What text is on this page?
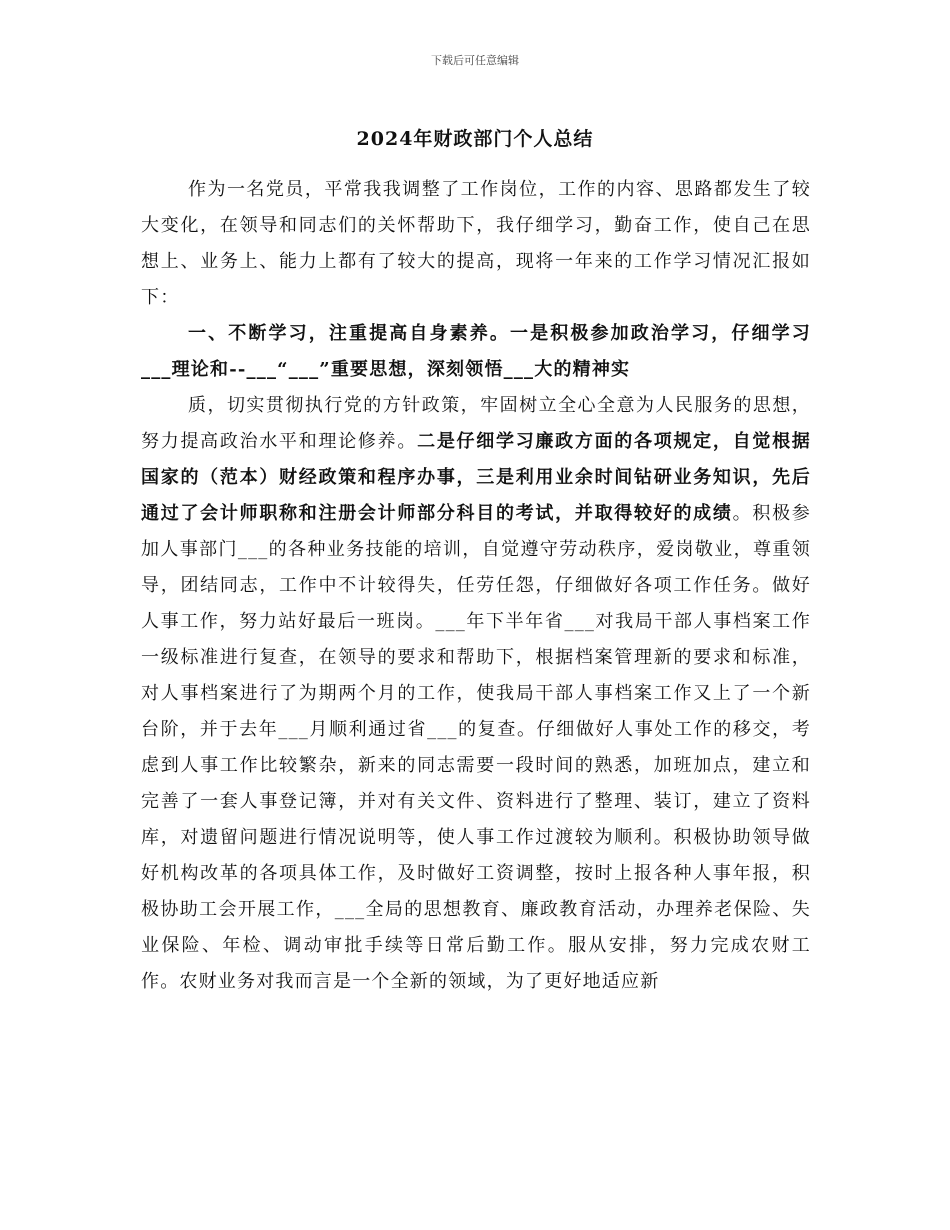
下载后可任意编辑
2024年财政部门个人总结

作为一名党员，平常我我调整了工作岗位，工作的内容、思路都发生了较大变化，在领导和同志们的关怀帮助下，我仔细学习，勤奋工作，使自己在思想上、业务上、能力上都有了较大的提高，现将一年来的工作学习情况汇报如下：

一、不断学习，注重提高自身素养。一是积极参加政治学习，仔细学习___理论和--___“___”重要思想，深刻领悟___大的精神实

质，切实贯彻执行党的方针政策，牢固树立全心全意为人民服务的思想，努力提高政治水平和理论修养。二是仔细学习廉政方面的各项规定，自觉根据国家的（范本）财经政策和程序办事，三是利用业余时间钻研业务知识，先后通过了会计师职称和注册会计师部分科目的考试，并取得较好的成绩。积极参加人事部门___的各种业务技能的培训，自觉遵守劳动秩序，爱岗敬业，尊重领导，团结同志，工作中不计较得失，任劳任怨，仔细做好各项工作任务。做好人事工作，努力站好最后一班岗。___年下半年省___对我局干部人事档案工作一级标准进行复查，在领导的要求和帮助下，根据档案管理新的要求和标准，对人事档案进行了为期两个月的工作，使我局干部人事档案工作又上了一个新台阶，并于去年___月顺利通过省___的复查。仔细做好人事处工作的移交，考虑到人事工作比较繁杂，新来的同志需要一段时间的熟悉，加班加点，建立和完善了一套人事登记簿，并对有关文件、资料进行了整理、装订，建立了资料库，对遗留问题进行情况说明等，使人事工作过渡较为顺利。积极协助领导做好机构改革的各项具体工作，及时做好工资调整，按时上报各种人事年报，积极协助工会开展工作，___全局的思想教育、廉政教育活动，办理养老保险、失业保险、年检、调动审批手续等日常后勤工作。服从安排，努力完成农财工作。农财业务对我而言是一个全新的领域，为了更好地适应新
